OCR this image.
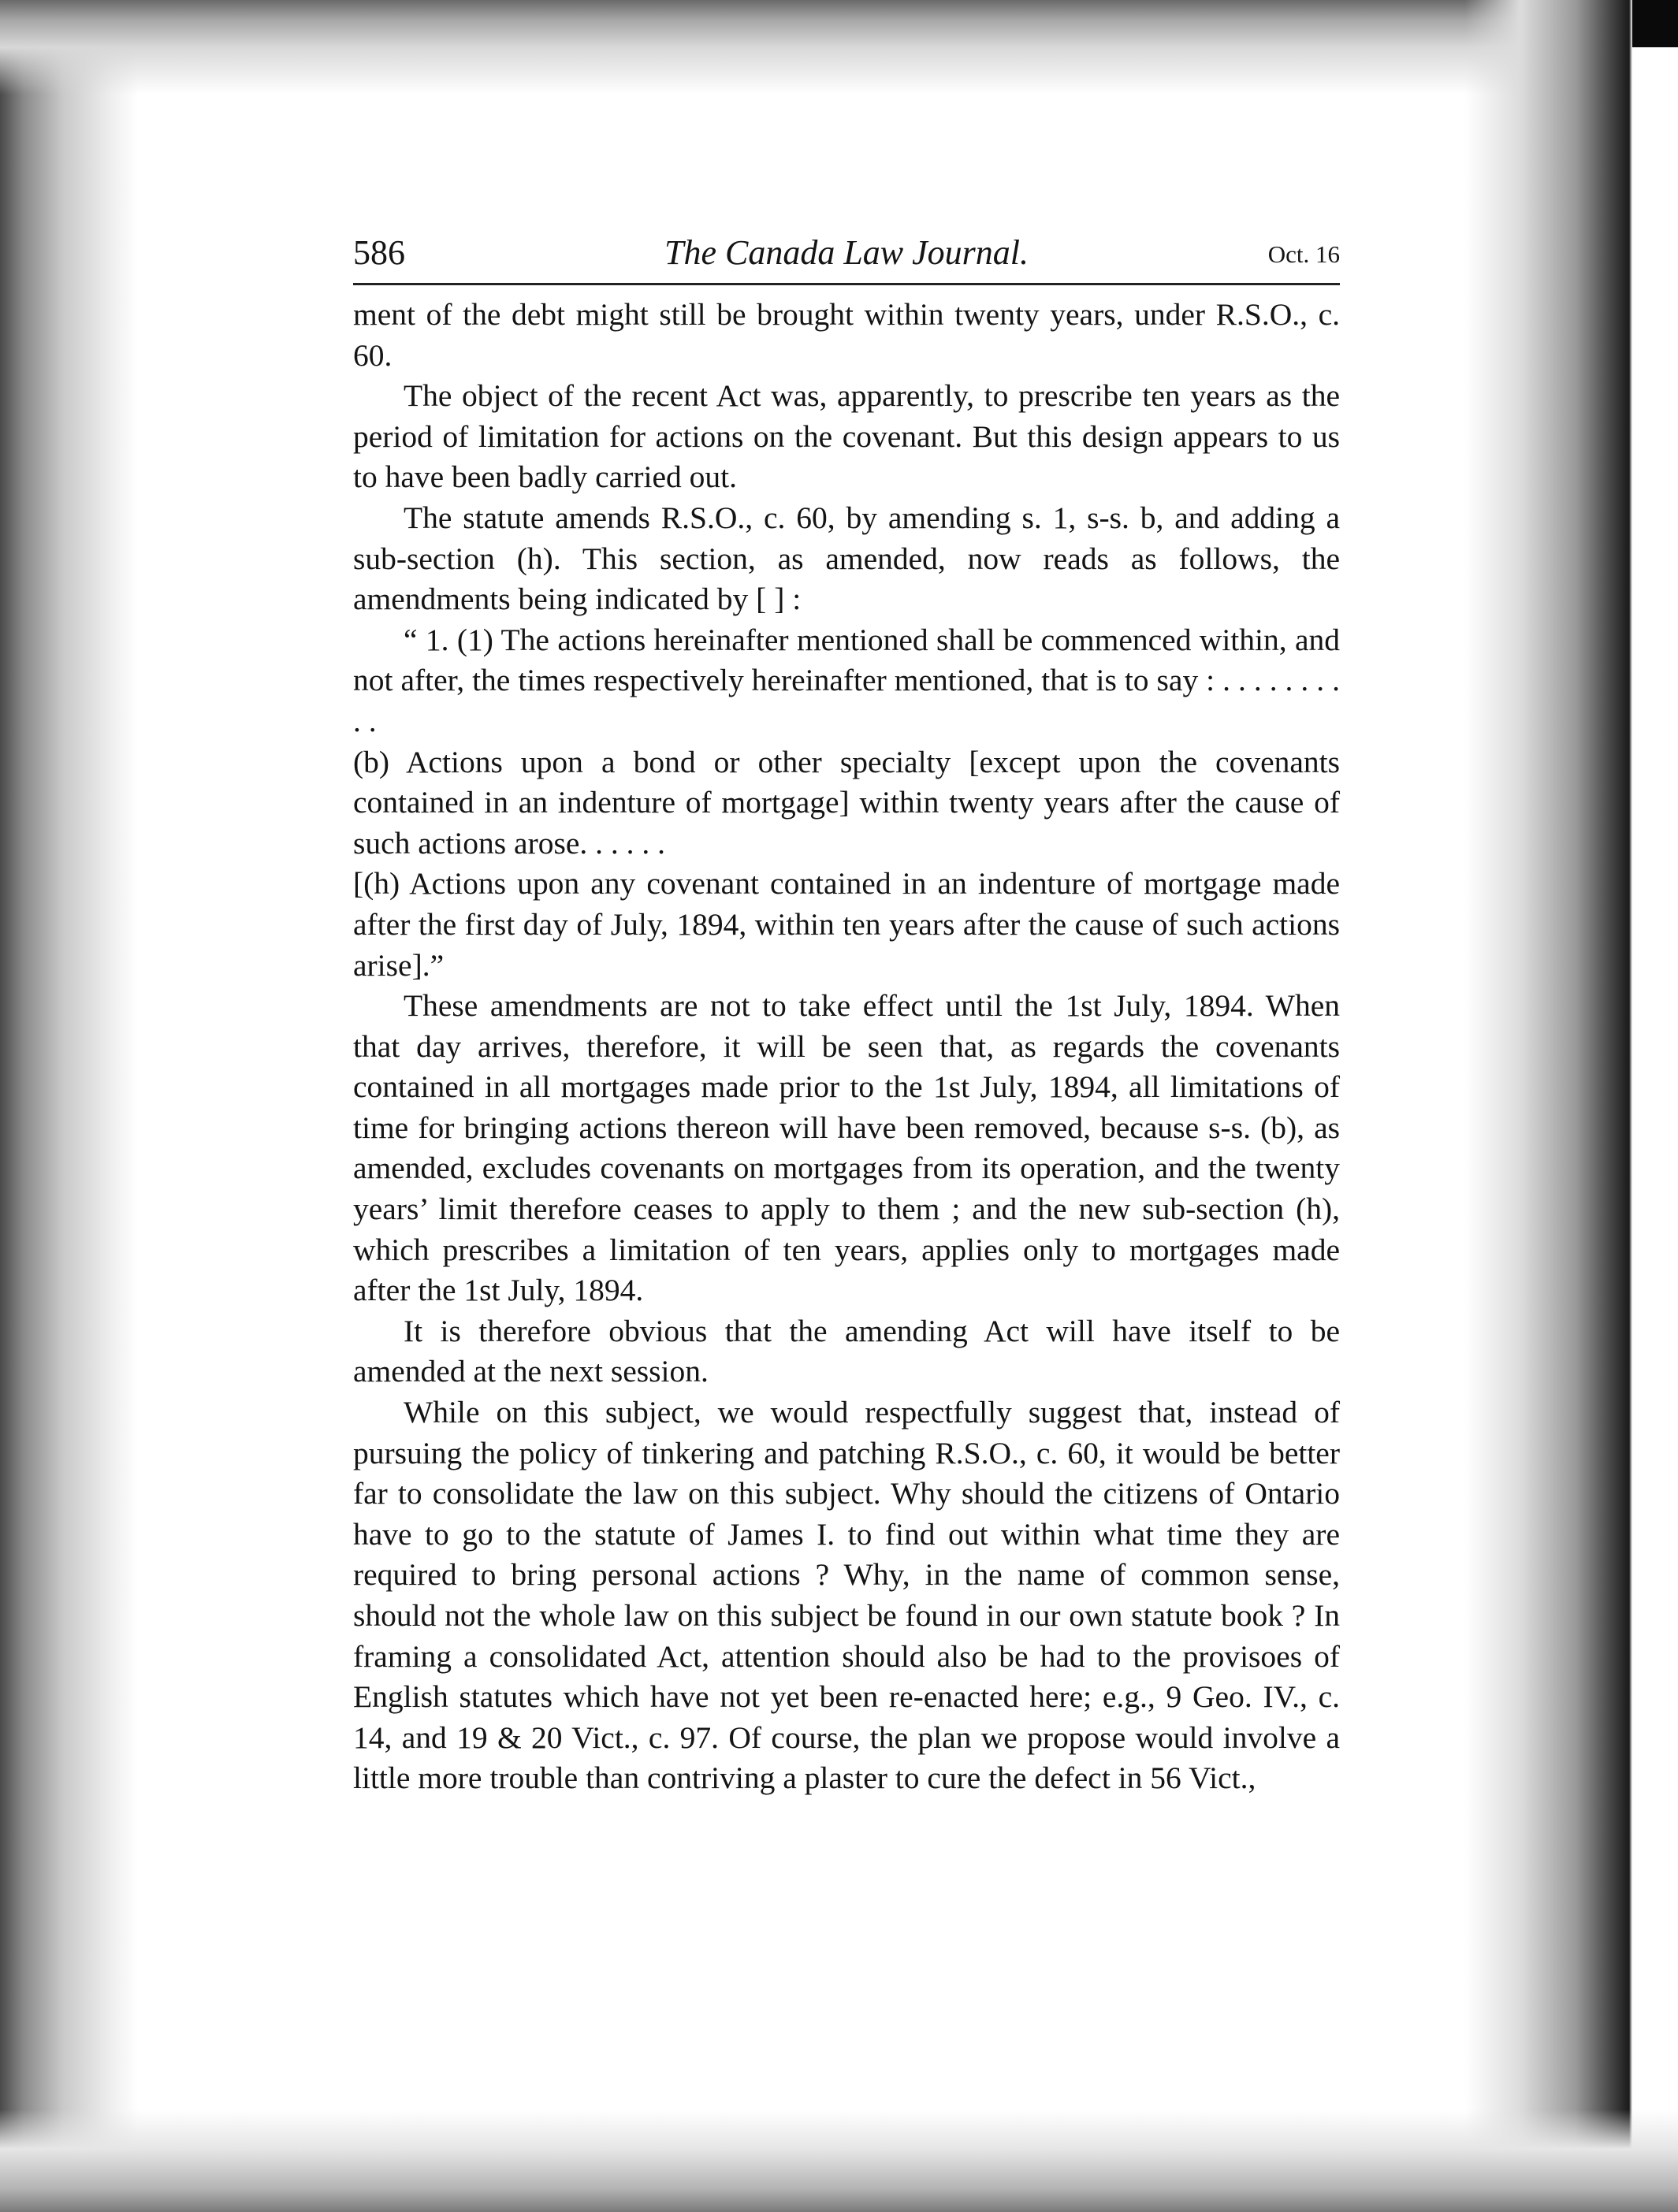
The Canada Law Journal.
586	Oct. 16

ment of the debt might still be brought within twenty years, under R.S.O., c. 60.

The object of the recent Act was, apparently, to prescribe ten years as the period of limitation for actions on the covenant. But this design appears to us to have been badly carried out.

The statute amends R.S.O., c. 60, by amending s. 1, s-s. b, and adding a sub-section (h). This section, as amended, now reads as follows, the amendments being indicated by [ ] :

“ 1. (1) The actions hereinafter mentioned shall be commenced within, and not after, the times respectively hereinafter mentioned, that is to say : . . . . . . . . . .

(b) Actions upon a bond or other specialty [except upon the covenants contained in an indenture of mortgage] within twenty years after the cause of such actions arose. . . . . .

[(h) Actions upon any covenant contained in an indenture of mortgage made after the first day of July, 1894, within ten years after the cause of such actions arise].”

These amendments are not to take effect until the 1st July, 1894. When that day arrives, therefore, it will be seen that, as regards the covenants contained in all mortgages made prior to the 1st July, 1894, all limitations of time for bringing actions thereon will have been removed, because s-s. (b), as amended, excludes covenants on mortgages from its operation, and the twenty years’ limit therefore ceases to apply to them ; and the new sub-section (h), which prescribes a limitation of ten years, applies only to mortgages made after the 1st July, 1894.

It is therefore obvious that the amending Act will have itself to be amended at the next session.

While on this subject, we would respectfully suggest that, instead of pursuing the policy of tinkering and patching R.S.O., c. 60, it would be better far to consolidate the law on this subject. Why should the citizens of Ontario have to go to the statute of James I. to find out within what time they are required to bring personal actions ? Why, in the name of common sense, should not the whole law on this subject be found in our own statute book ? In framing a consolidated Act, attention should also be had to the provisoes of English statutes which have not yet been re-enacted here; e.g., 9 Geo. IV., c. 14, and 19 & 20 Vict., c. 97. Of course, the plan we propose would involve a little more trouble than contriving a plaster to cure the defect in 56 Vict.,
